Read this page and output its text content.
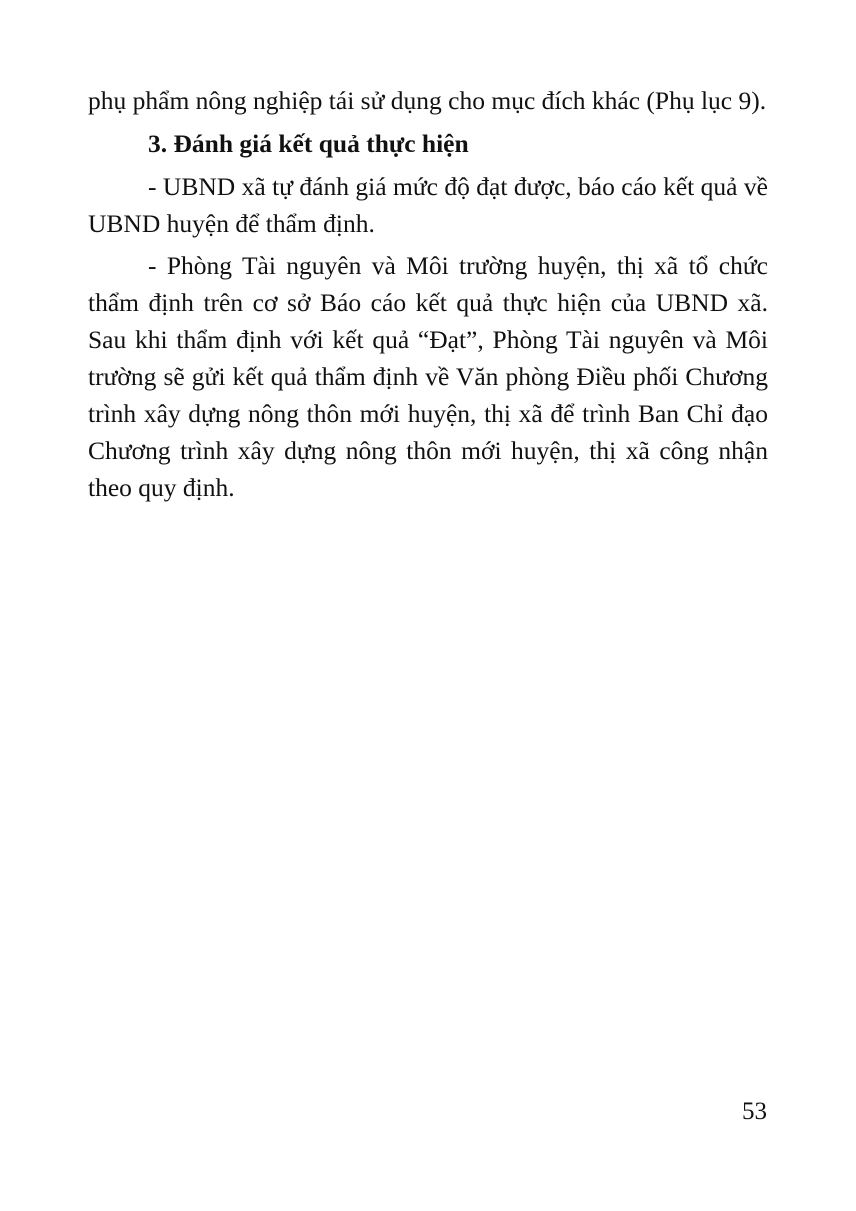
phụ phẩm nông nghiệp tái sử dụng cho mục đích khác (Phụ lục 9).

3. Đánh giá kết quả thực hiện

- UBND xã tự đánh giá mức độ đạt được, báo cáo kết quả về UBND huyện để thẩm định.

- Phòng Tài nguyên và Môi trường huyện, thị xã tổ chức thẩm định trên cơ sở Báo cáo kết quả thực hiện của UBND xã. Sau khi thẩm định với kết quả “Đạt”, Phòng Tài nguyên và Môi trường sẽ gửi kết quả thẩm định về Văn phòng Điều phối Chương trình xây dựng nông thôn mới huyện, thị xã để trình Ban Chỉ đạo Chương trình xây dựng nông thôn mới huyện, thị xã công nhận theo quy định.

53
